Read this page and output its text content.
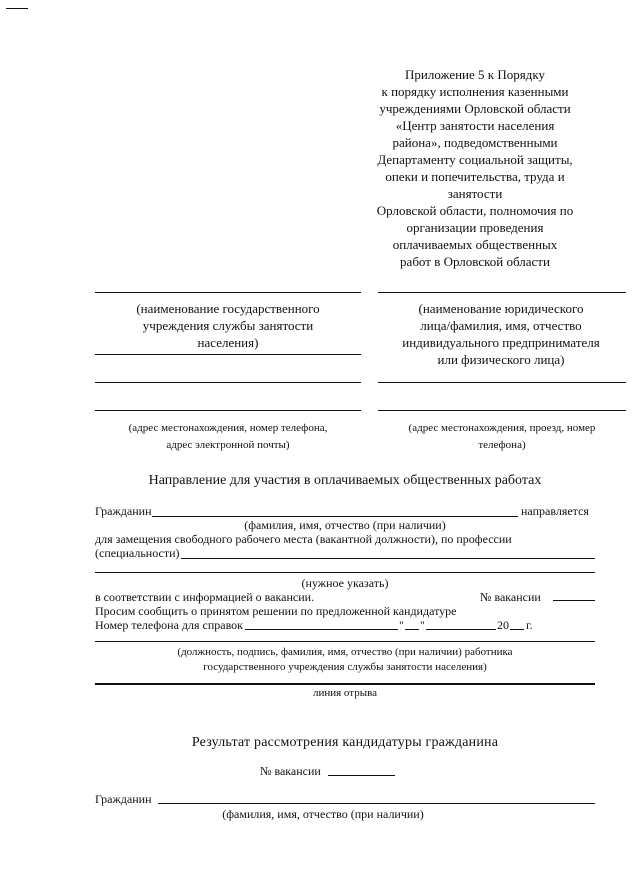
Приложение 5 к Порядку
к порядку исполнения казенными
учреждениями Орловской области
«Центр занятости населения
района», подведомственными
Департаменту социальной защиты,
опеки и попечительства, труда и
занятости
Орловской области, полномочия по
организации проведения
оплачиваемых общественных
работ в Орловской области
(наименование государственного
учреждения службы занятости
населения)
(адрес местонахождения, номер телефона,
адрес электронной почты)
(наименование юридического
лица/фамилия, имя, отчество
индивидуального предпринимателя
или физического лица)
(адрес местонахождения, проезд, номер
телефона)
Направление для участия в оплачиваемых общественных работах
Гражданин	направляется
(фамилия, имя, отчество (при наличии)
для замещения свободного рабочего места (вакантной должности), по профессии
(специальности)
(нужное указать)
в соответствии с информацией о вакансии.	№ вакансии
Просим сообщить о принятом решении по предложенной кандидатуре
Номер телефона для справок	" "	20 г.
(должность, подпись, фамилия, имя, отчество (при наличии) работника
государственного учреждения службы занятости населения)
линия отрыва
Результат рассмотрения кандидатуры гражданина
№ вакансии
Гражданин
(фамилия, имя, отчество (при наличии)
